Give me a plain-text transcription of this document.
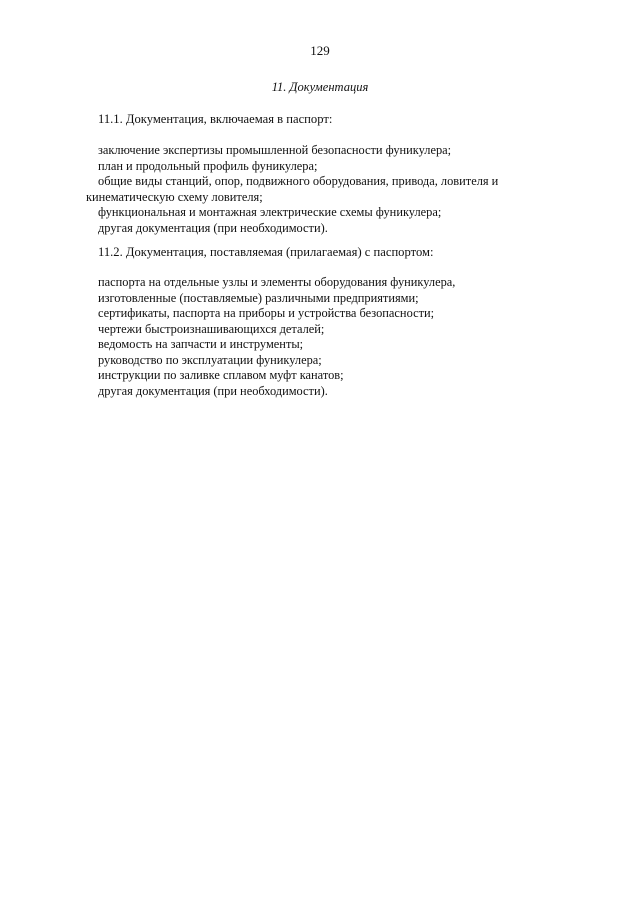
129
11. Документация
11.1. Документация, включаемая в паспорт:
заключение экспертизы промышленной безопасности фуникулера;
план и продольный профиль фуникулера;
общие виды станций, опор, подвижного оборудования, привода, ловителя и
кинематическую схему ловителя;
функциональная и монтажная электрические схемы фуникулера;
другая документация (при необходимости).
11.2. Документация, поставляемая (прилагаемая) с паспортом:
паспорта на отдельные узлы и элементы оборудования фуникулера,
изготовленные (поставляемые) различными предприятиями;
сертификаты, паспорта на приборы и устройства безопасности;
чертежи быстроизнашивающихся деталей;
ведомость на запчасти и инструменты;
руководство по эксплуатации фуникулера;
инструкции по заливке сплавом муфт канатов;
другая документация (при необходимости).
